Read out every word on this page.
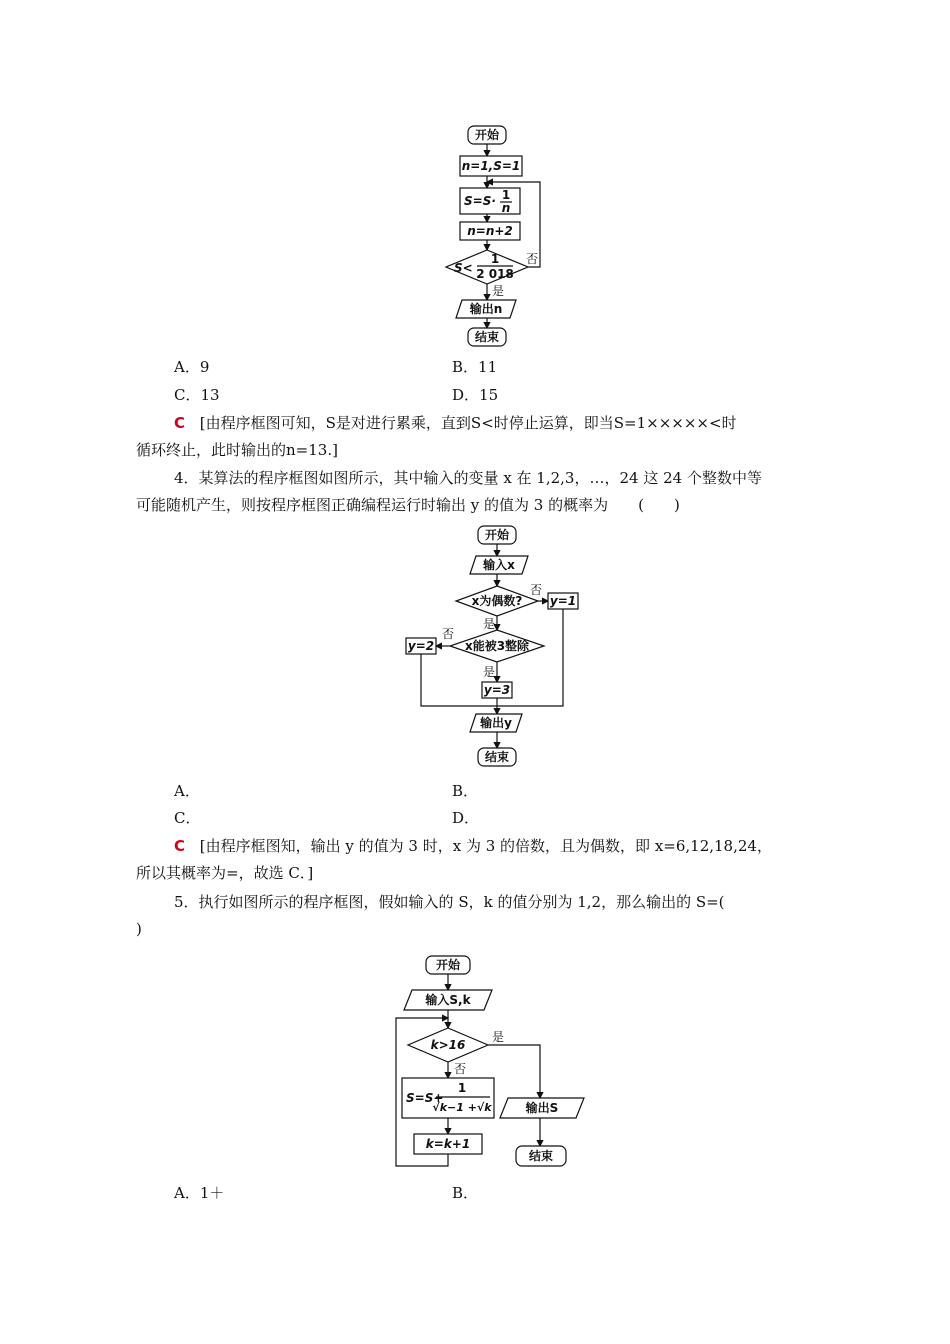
开始
n=1,S=1
S=S· 1
n
n=n+2
S<
1
2 018
否
是
输出n
结束
A．9	B．11
C．13	D．15
C [由程序框图可知，S是对进行累乘，直到S<时停止运算，即当S=1×××××<时
循环终止，此时输出的n=13.]
4．某算法的程序框图如图所示，其中输入的变量 x 在 1,2,3，…，24 这 24 个整数中等
可能随机产生，则按程序框图正确编程运行时输出 y 的值为 3 的概率为　　(　　)
开始
输入x
x为偶数?
否
y=1
是
x能被3整除
否
y=2
是
y=3
输出y
结束
A．	B．
C．	D．
C [由程序框图知，输出 y 的值为 3 时，x 为 3 的倍数，且为偶数，即 x=6,12,18,24，
所以其概率为=，故选 C．]
5．执行如图所示的程序框图，假如输入的 S，k 的值分别为 1,2，那么输出的 S=(
)
开始
输入S,k
k>16
是
否
S=S+
1
√k−1 +√k
k=k+1
输出S
结束
A．1＋	B．
